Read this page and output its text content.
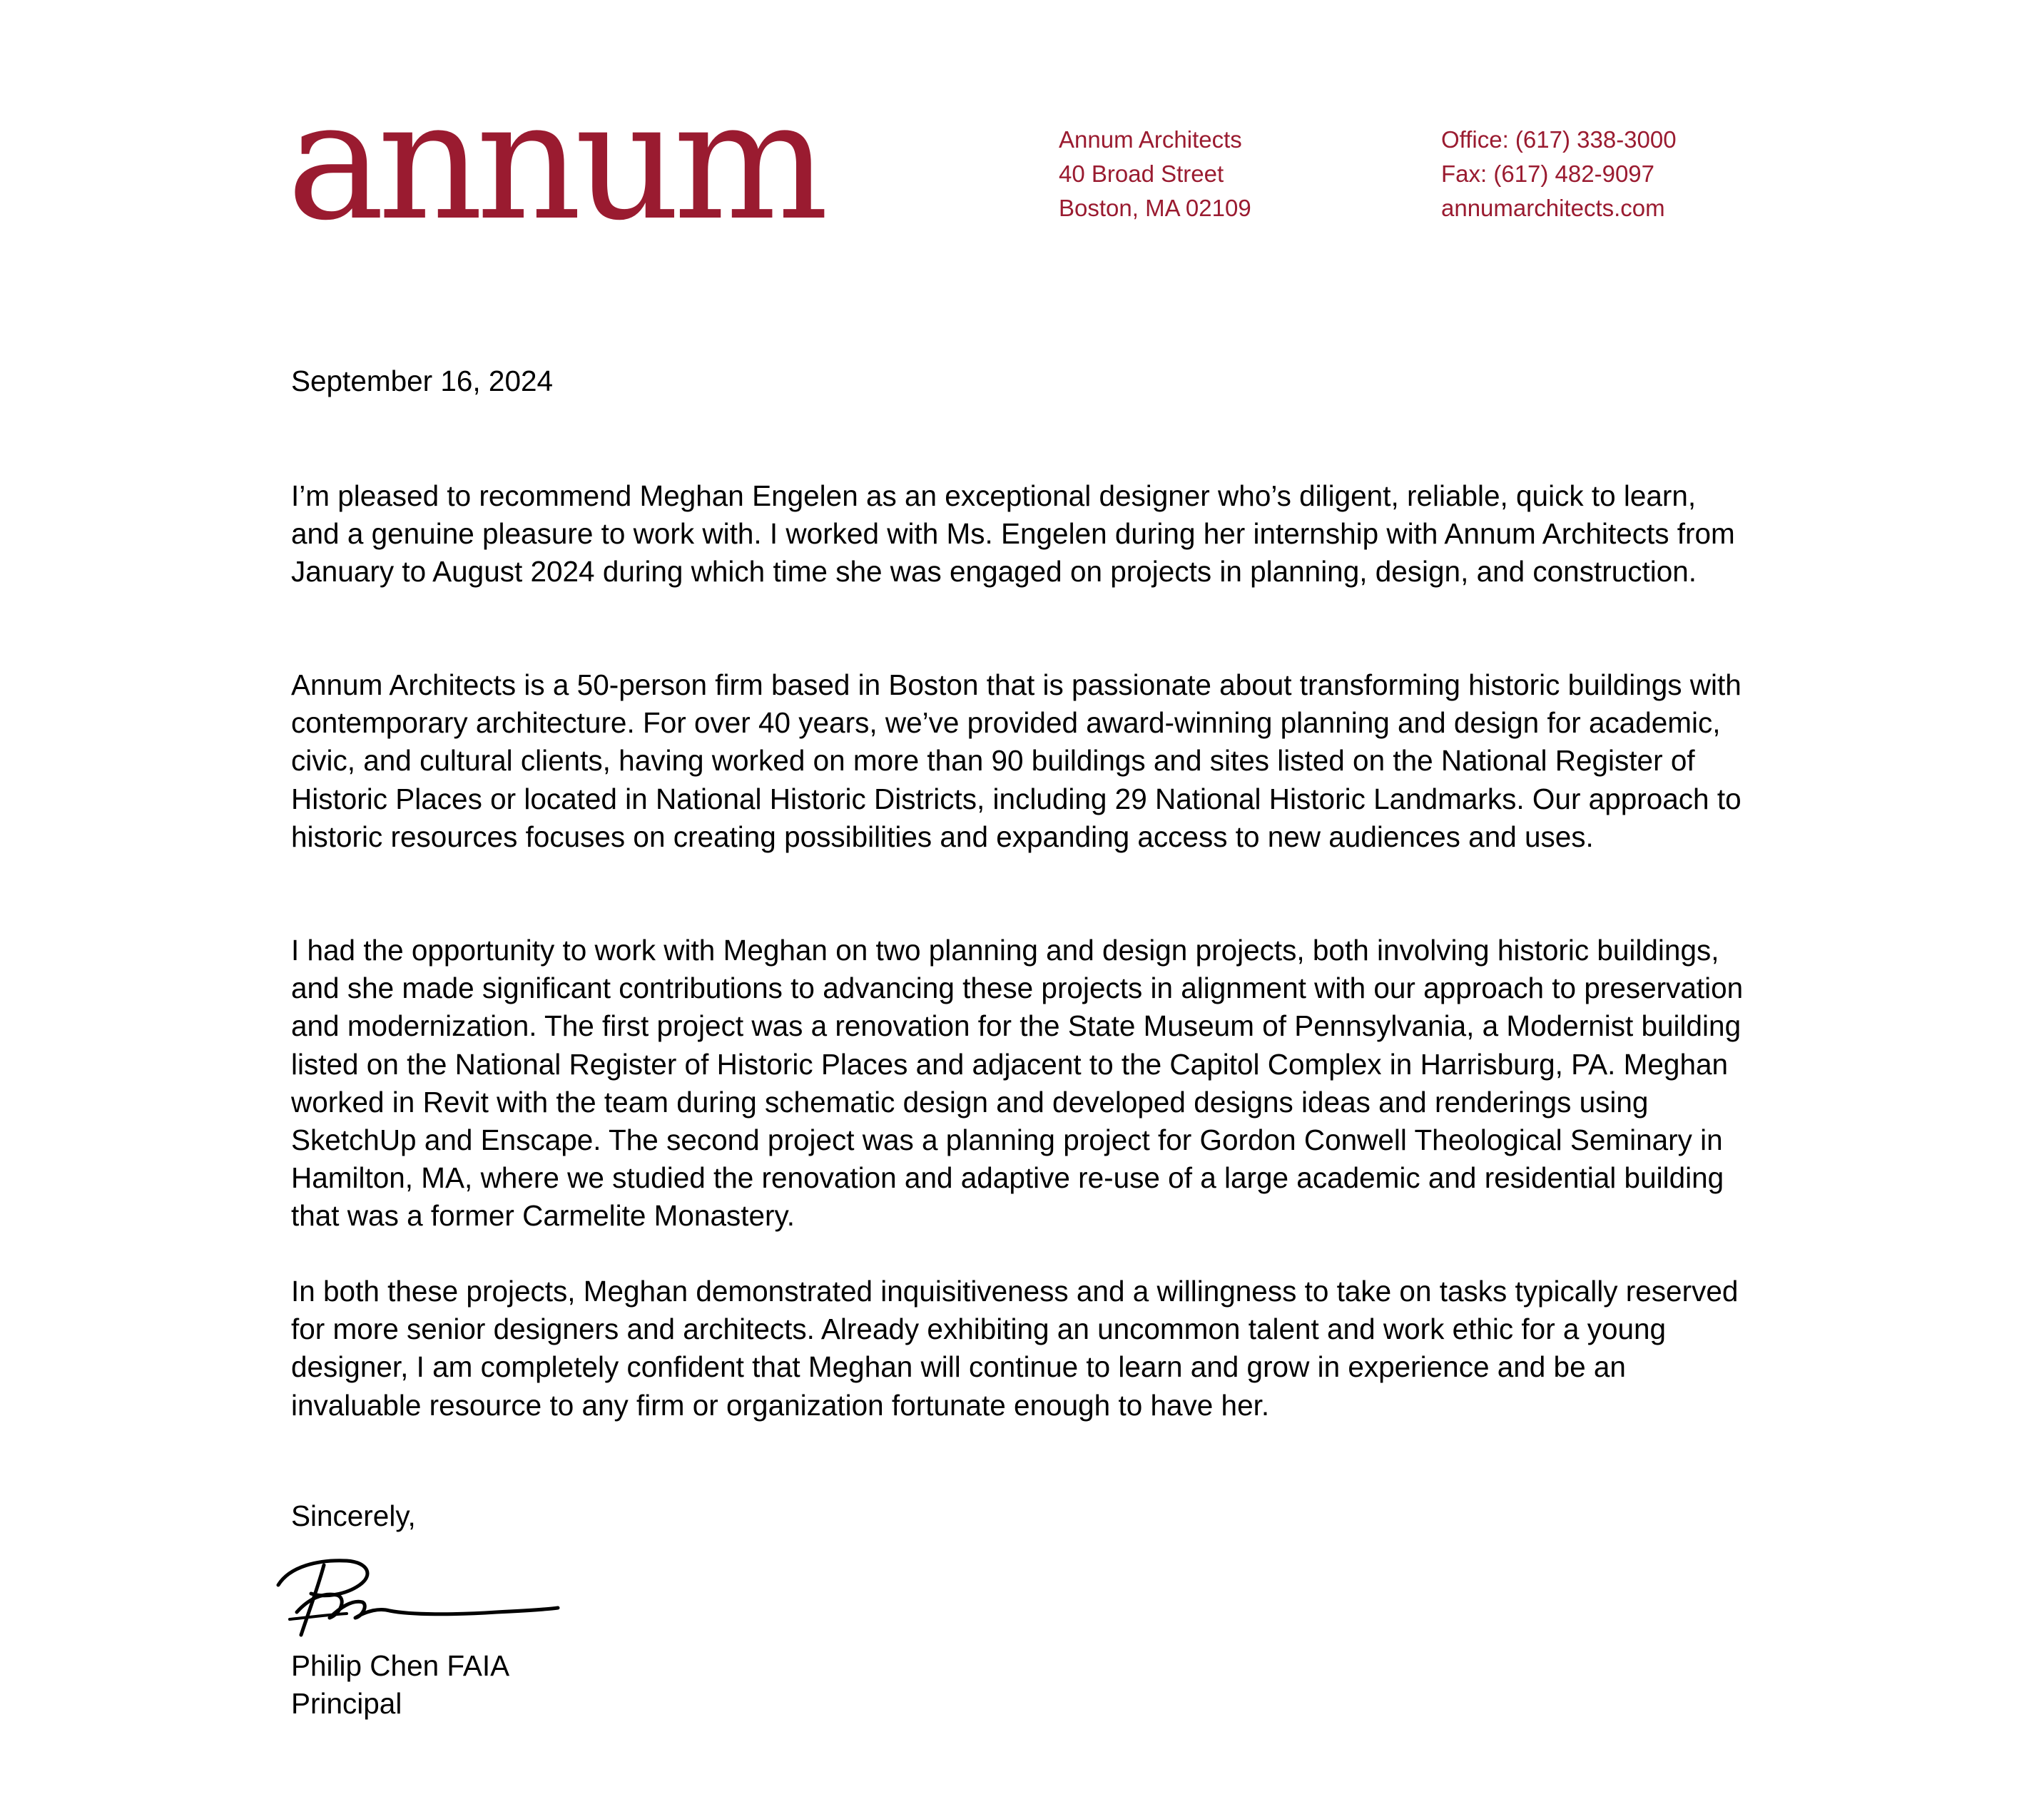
annum	Annum Architects
40 Broad Street
Boston, MA 02109
Office: (617) 338-3000
Fax: (617) 482-9097
annumarchitects.com

September 16, 2024

I’m pleased to recommend Meghan Engelen as an exceptional designer who’s diligent, reliable, quick to learn, and a genuine pleasure to work with. I worked with Ms. Engelen during her internship with Annum Architects from January to August 2024 during which time she was engaged on projects in planning, design, and construction.

Annum Architects is a 50-person firm based in Boston that is passionate about transforming historic buildings with contemporary architecture. For over 40 years, we’ve provided award-winning planning and design for academic, civic, and cultural clients, having worked on more than 90 buildings and sites listed on the National Register of Historic Places or located in National Historic Districts, including 29 National Historic Landmarks. Our approach to historic resources focuses on creating possibilities and expanding access to new audiences and uses.

I had the opportunity to work with Meghan on two planning and design projects, both involving historic buildings, and she made significant contributions to advancing these projects in alignment with our approach to preservation and modernization. The first project was a renovation for the State Museum of Pennsylvania, a Modernist building listed on the National Register of Historic Places and adjacent to the Capitol Complex in Harrisburg, PA. Meghan worked in Revit with the team during schematic design and developed designs ideas and renderings using SketchUp and Enscape. The second project was a planning project for Gordon Conwell Theological Seminary in Hamilton, MA, where we studied the renovation and adaptive re-use of a large academic and residential building that was a former Carmelite Monastery.

In both these projects, Meghan demonstrated inquisitiveness and a willingness to take on tasks typically reserved for more senior designers and architects. Already exhibiting an uncommon talent and work ethic for a young designer, I am completely confident that Meghan will continue to learn and grow in experience and be an invaluable resource to any firm or organization fortunate enough to have her.

Sincerely,

Philip Chen FAIA

Principal
